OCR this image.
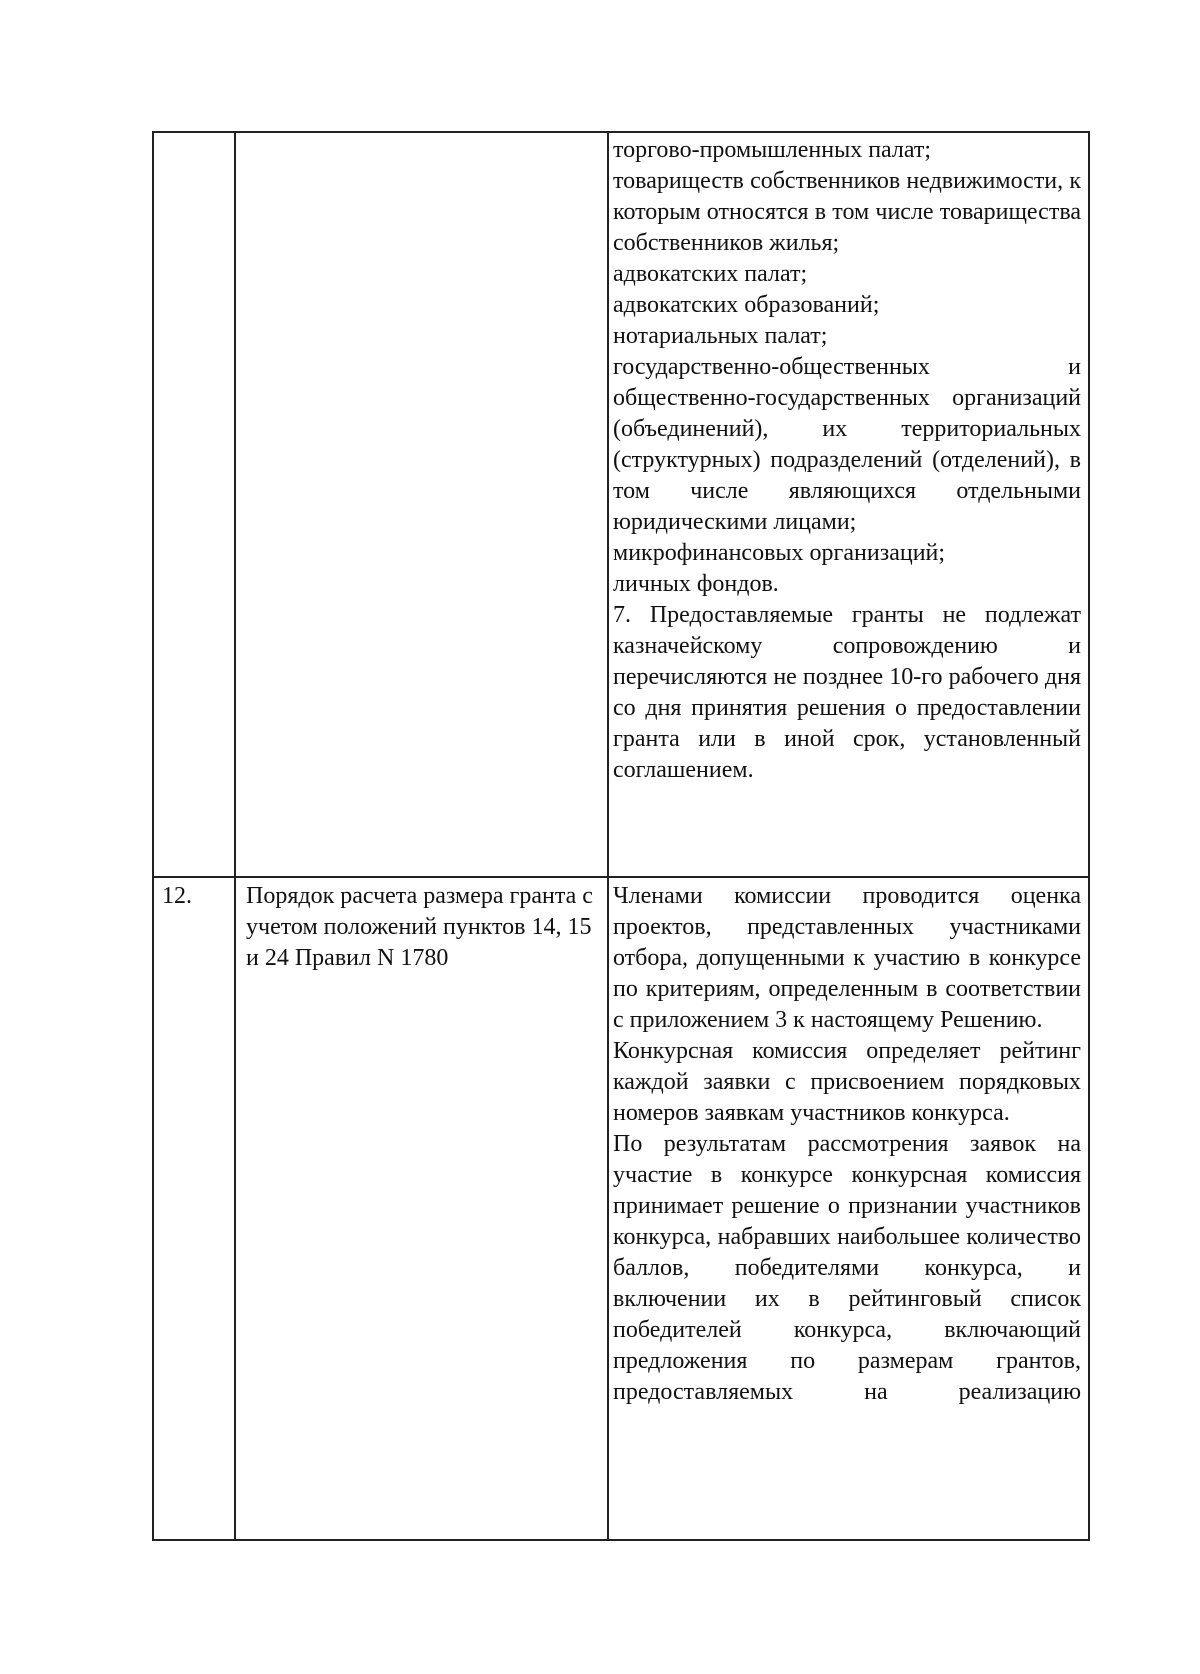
торгово-промышленных палат;

товариществ собственников недвижимости, к которым относятся в том числе товарищества собственников жилья;

адвокатских палат;

адвокатских образований;

нотариальных палат;

государственно-общественных и общественно-государственных организаций (объединений), их территориальных (структурных) подразделений (отделений), в том числе являющихся отдельными юридическими лицами;

микрофинансовых организаций;

личных фондов.

7. Предоставляемые гранты не подлежат казначейскому сопровождению и перечисляются не позднее 10-го рабочего дня со дня принятия решения о предоставлении гранта или в иной срок, установленный соглашением.

12. Порядок расчета размера гранта с учетом положений пунктов 14, 15 и 24 Правил N 1780

Членами комиссии проводится оценка проектов, представленных участниками отбора, допущенными к участию в конкурсе по критериям, определенным в соответствии с приложением 3 к настоящему Решению.

Конкурсная комиссия определяет рейтинг каждой заявки с присвоением порядковых номеров заявкам участников конкурса.

По результатам рассмотрения заявок на участие в конкурсе конкурсная комиссия принимает решение о признании участников конкурса, набравших наибольшее количество баллов, победителями конкурса, и включении их в рейтинговый список победителей конкурса, включающий предложения по размерам грантов, предоставляемых на реализацию
